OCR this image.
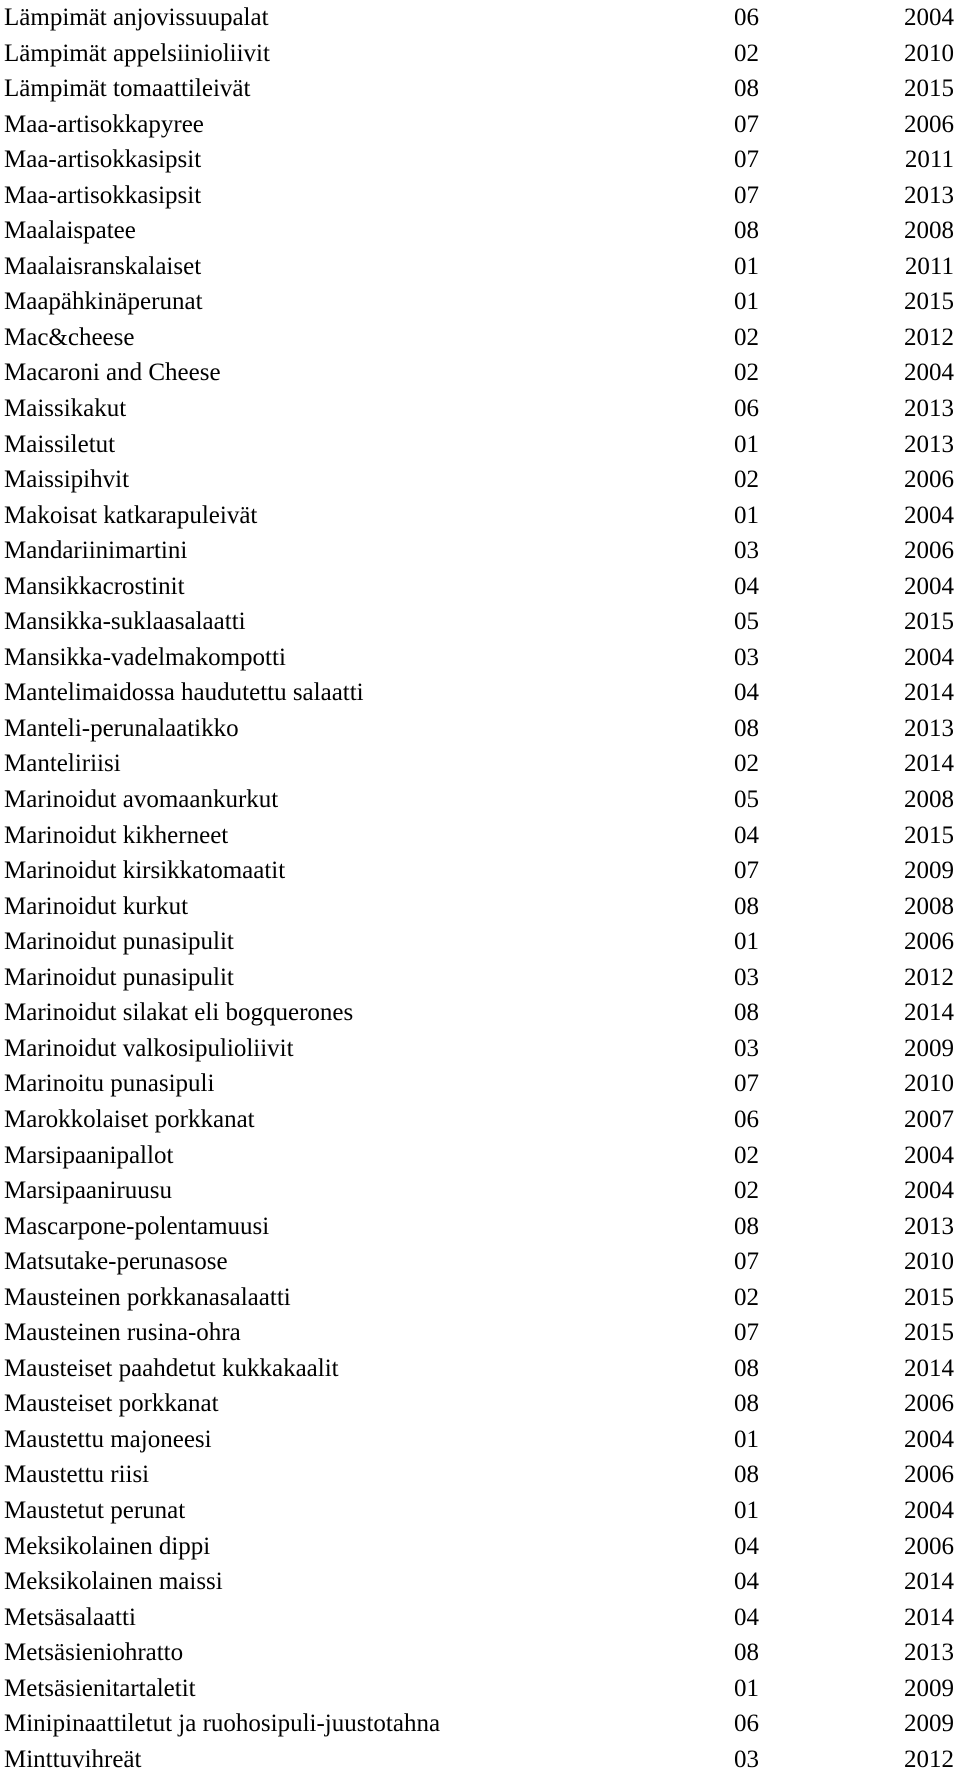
Lämpimät anjovissuupalat	06	2004
Lämpimät appelsiinioliivit	02	2010
Lämpimät tomaattileivät	08	2015
Maa-artisokkapyree	07	2006
Maa-artisokkasipsit	07	2011
Maa-artisokkasipsit	07	2013
Maalaispatee	08	2008
Maalaisranskalaiset	01	2011
Maapähkinäperunat	01	2015
Mac&cheese	02	2012
Macaroni and Cheese	02	2004
Maissikakut	06	2013
Maissiletut	01	2013
Maissipihvit	02	2006
Makoisat katkarapuleivät	01	2004
Mandariinimartini	03	2006
Mansikkacrostinit	04	2004
Mansikka-suklaasalaatti	05	2015
Mansikka-vadelmakompotti	03	2004
Mantelimaidossa haudutettu salaatti	04	2014
Manteli-perunalaatikko	08	2013
Manteliriisi	02	2014
Marinoidut avomaankurkut	05	2008
Marinoidut kikherneet	04	2015
Marinoidut kirsikkatomaatit	07	2009
Marinoidut kurkut	08	2008
Marinoidut punasipulit	01	2006
Marinoidut punasipulit	03	2012
Marinoidut silakat eli bogquerones	08	2014
Marinoidut valkosipulioliivit	03	2009
Marinoitu punasipuli	07	2010
Marokkolaiset porkkanat	06	2007
Marsipaanipallot	02	2004
Marsipaaniruusu	02	2004
Mascarpone-polentamuusi	08	2013
Matsutake-perunasose	07	2010
Mausteinen porkkanasalaatti	02	2015
Mausteinen rusina-ohra	07	2015
Mausteiset paahdetut kukkakaalit	08	2014
Mausteiset porkkanat	08	2006
Maustettu majoneesi	01	2004
Maustettu riisi	08	2006
Maustetut perunat	01	2004
Meksikolainen dippi	04	2006
Meksikolainen maissi	04	2014
Metsäsalaatti	04	2014
Metsäsieniohratto	08	2013
Metsäsienitartaletit	01	2009
Minipinaattiletut ja ruohosipuli-juustotahna	06	2009
Minttuvihreät	03	2012
